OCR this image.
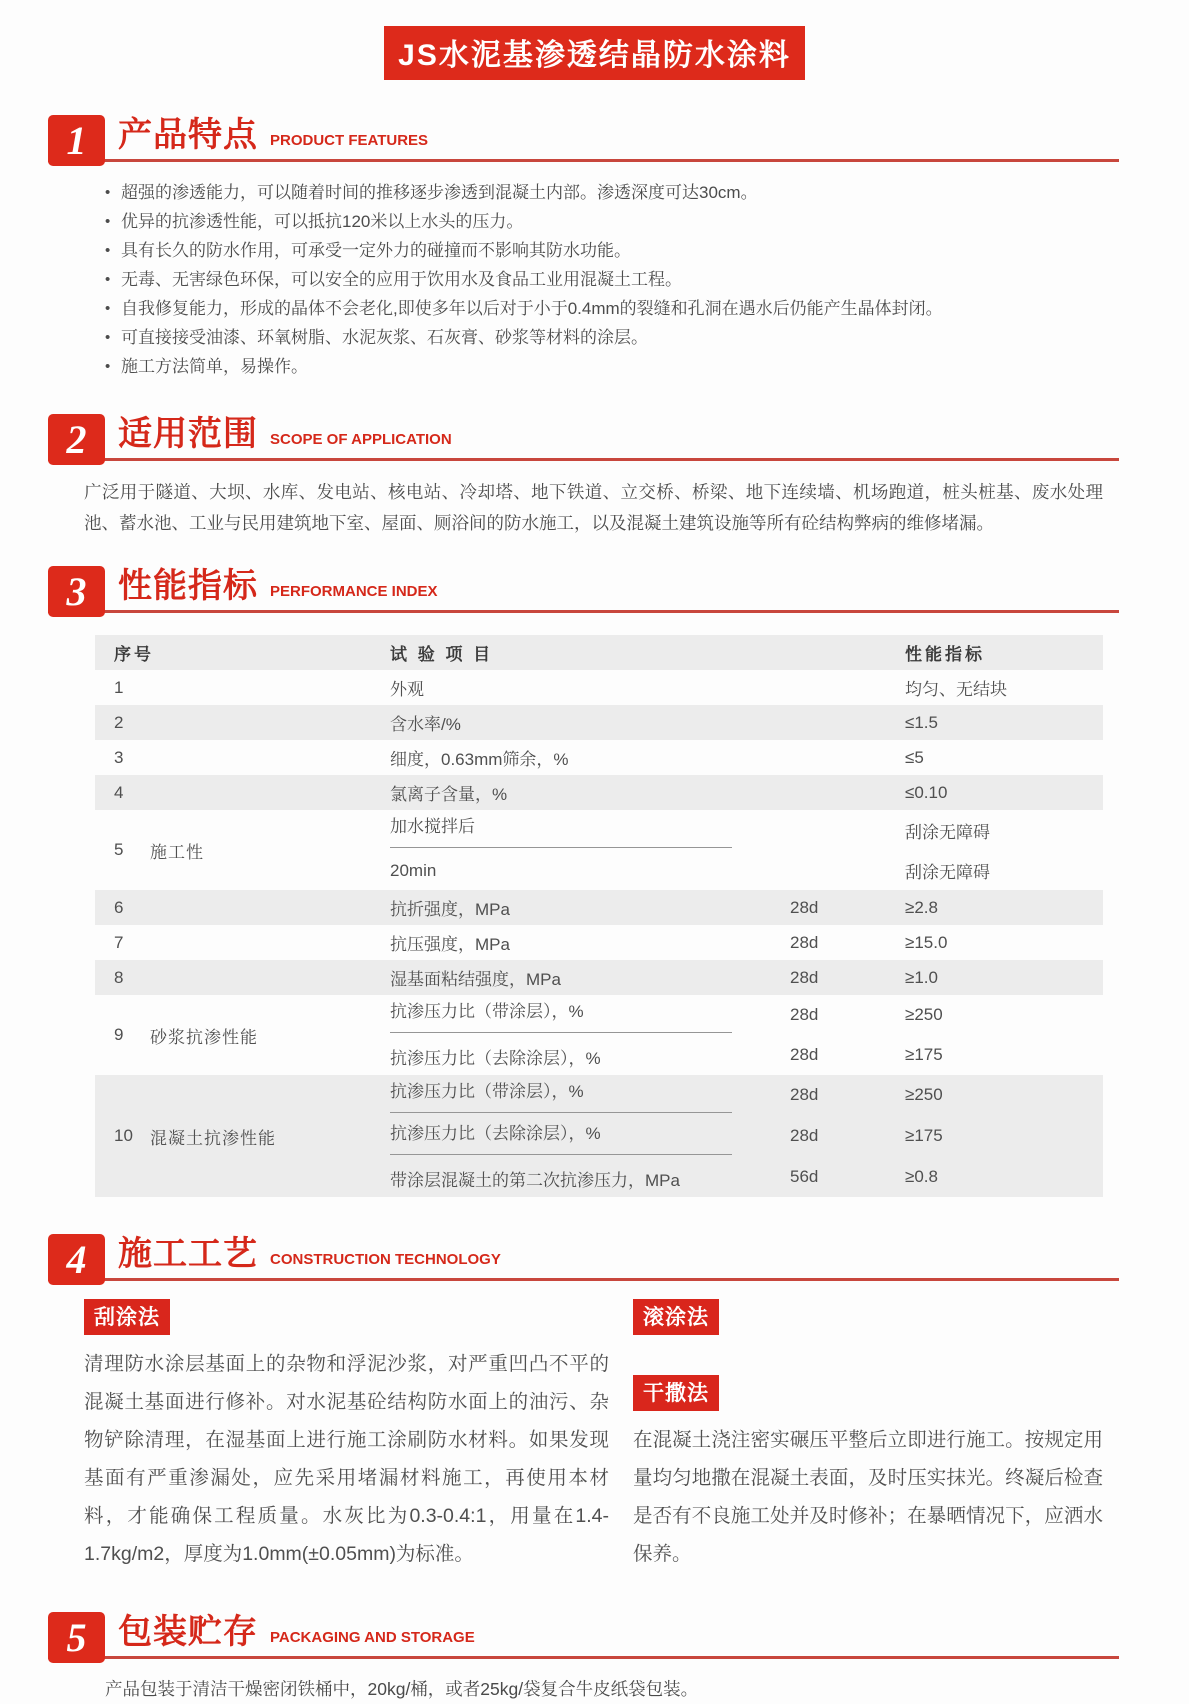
JS水泥基渗透结晶防水涂料
1 产品特点 PRODUCT FEATURES
• 超强的渗透能力，可以随着时间的推移逐步渗透到混凝土内部。渗透深度可达30cm。
• 优异的抗渗透性能，可以抵抗120米以上水头的压力。
• 具有长久的防水作用，可承受一定外力的碰撞而不影响其防水功能。
• 无毒、无害绿色环保，可以安全的应用于饮用水及食品工业用混凝土工程。
• 自我修复能力，形成的晶体不会老化,即使多年以后对于小于0.4mm的裂缝和孔洞在遇水后仍能产生晶体封闭。
• 可直接接受油漆、环氧树脂、水泥灰浆、石灰膏、砂浆等材料的涂层。
• 施工方法简单，易操作。
2 适用范围 SCOPE OF APPLICATION

广泛用于隧道、大坝、水库、发电站、核电站、冷却塔、地下铁道、立交桥、桥梁、地下连续墙、机场跑道，桩头桩基、废水处理池、蓄水池、工业与民用建筑地下室、屋面、厕浴间的防水施工，以及混凝土建筑设施等所有砼结构弊病的维修堵漏。

3 性能指标 PERFORMANCE INDEX
序号	试 验 项 目	性能指标
1	外观	均匀、无结块
2	含水率/%	≤1.5
3	细度，0.63mm筛余，%	≤5
4	氯离子含量，%	≤0.10
5	施工性
加水搅拌后	刮涂无障碍
20min	刮涂无障碍
6	抗折强度，MPa	28d	≥2.8
7	抗压强度，MPa	28d	≥15.0
8	湿基面粘结强度，MPa	28d	≥1.0
9	砂浆抗渗性能
抗渗压力比（带涂层），%	28d	≥250
抗渗压力比（去除涂层），%	28d	≥175
10	混凝土抗渗性能
抗渗压力比（带涂层），%	28d	≥250
抗渗压力比（去除涂层），%	28d	≥175
带涂层混凝土的第二次抗渗压力，MPa	56d	≥0.8
4 施工工艺 CONSTRUCTION TECHNOLOGY
刮涂法

清理防水涂层基面上的杂物和浮泥沙浆，对严重凹凸不平的混凝土基面进行修补。对水泥基砼结构防水面上的油污、杂物铲除清理，在湿基面上进行施工涂刷防水材料。如果发现基面有严重渗漏处，应先采用堵漏材料施工，再使用本材料，才能确保工程质量。水灰比为0.3-0.4:1，用量在1.4-1.7kg/m2，厚度为1.0mm(±0.05mm)为标准。

滚涂法
干撒法

在混凝土浇注密实碾压平整后立即进行施工。按规定用量均匀地撒在混凝土表面，及时压实抹光。终凝后检查是否有不良施工处并及时修补；在暴晒情况下，应洒水保养。

5 包装贮存 PACKAGING AND STORAGE

产品包装于清洁干燥密闭铁桶中，20kg/桶，或者25kg/袋复合牛皮纸袋包装。
